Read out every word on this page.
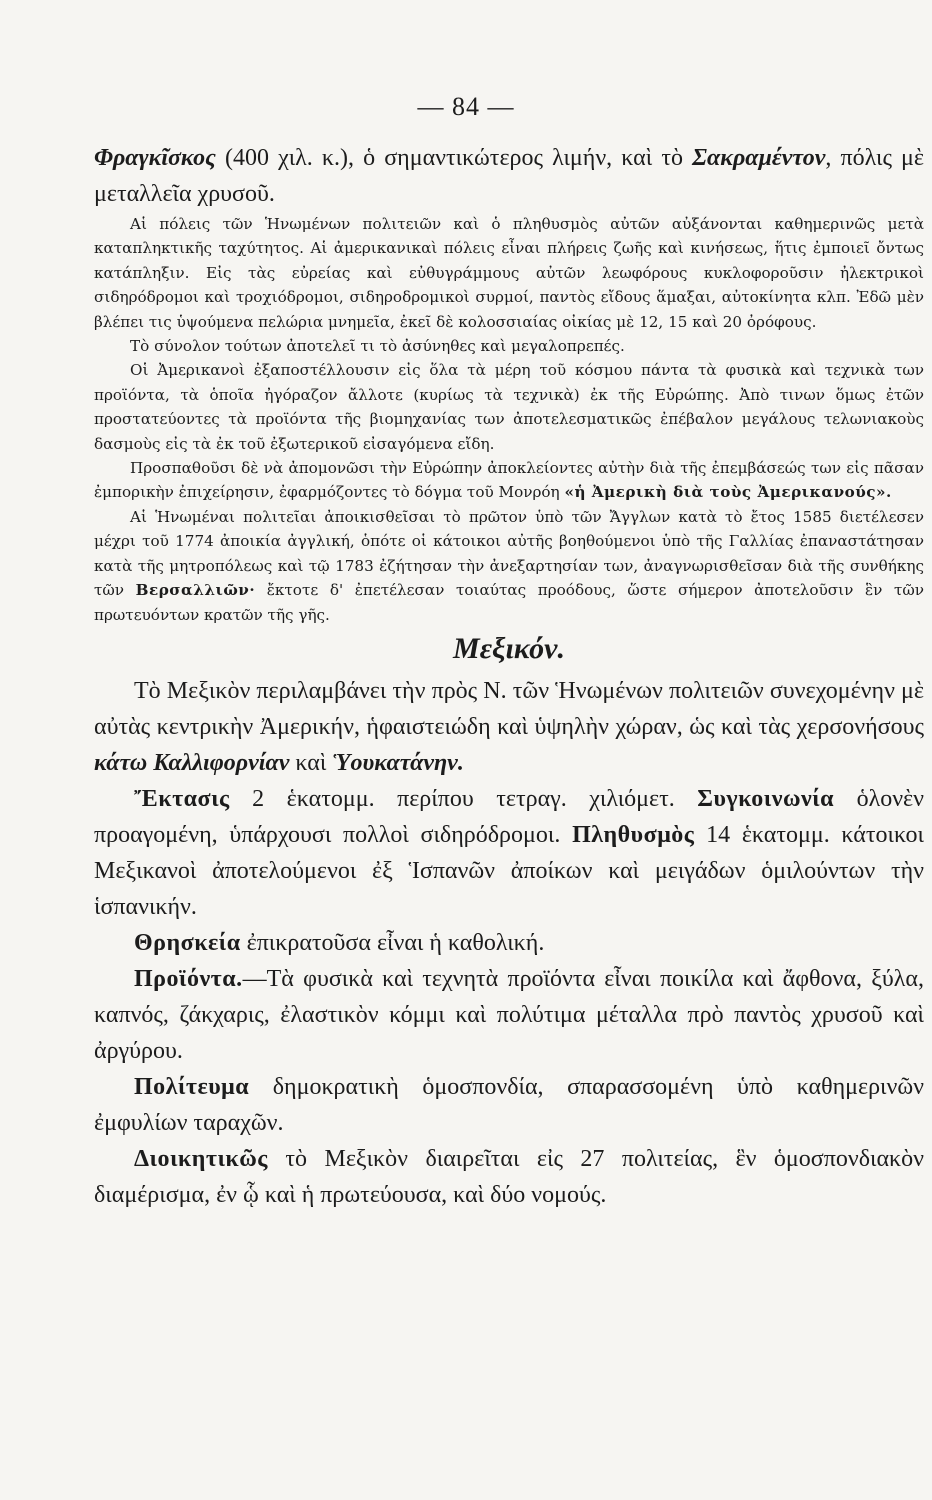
— 84 —

Φραγκῖσκος (400 χιλ. κ.), ὁ σημαντικώτερος λιμήν, καὶ τὸ Σακραμέντον, πόλις μὲ μεταλλεῖα χρυσοῦ.

Αἱ πόλεις τῶν Ἡνωμένων πολιτειῶν καὶ ὁ πληθυσμὸς αὐτῶν αὐξάνονται καθημερινῶς μετὰ καταπληκτικῆς ταχύτητος. Αἱ ἀμερικανικαὶ πόλεις εἶναι πλήρεις ζωῆς καὶ κινήσεως, ἥτις ἐμποιεῖ ὄντως κατάπληξιν. Εἰς τὰς εὐρείας καὶ εὐθυγράμμους αὐτῶν λεωφόρους κυκλοφοροῦσιν ἠλεκτρικοὶ σιδηρόδρομοι καὶ τροχιόδρομοι, σιδηροδρομικοὶ συρμοί, παντὸς εἴδους ἅμαξαι, αὐτοκίνητα κλπ. Ἐδῶ μὲν βλέπει τις ὑψούμενα πελώρια μνημεῖα, ἐκεῖ δὲ κολοσσιαίας οἰκίας μὲ 12, 15 καὶ 20 ὀρόφους.

Τὸ σύνολον τούτων ἀποτελεῖ τι τὸ ἀσύνηθες καὶ μεγαλοπρεπές.

Οἱ Ἀμερικανοὶ ἐξαποστέλλουσιν εἰς ὅλα τὰ μέρη τοῦ κόσμου πάντα τὰ φυσικὰ καὶ τεχνικὰ των προϊόντα, τὰ ὁποῖα ἠγόραζον ἄλλοτε (κυρίως τὰ τεχνικὰ) ἐκ τῆς Εὐρώπης. Ἀπὸ τινων ὅμως ἐτῶν προστατεύοντες τὰ προϊόντα τῆς βιομηχανίας των ἀποτελεσματικῶς ἐπέβαλον μεγάλους τελωνιακοὺς δασμοὺς εἰς τὰ ἐκ τοῦ ἐξωτερικοῦ εἰσαγόμενα εἴδη.

Προσπαθοῦσι δὲ νὰ ἀπομονῶσι τὴν Εὐρώπην ἀποκλείοντες αὐτὴν διὰ τῆς ἐπεμβάσεώς των εἰς πᾶσαν ἐμπορικὴν ἐπιχείρησιν, ἐφαρμόζοντες τὸ δόγμα τοῦ Μονρόη «ἡ Ἀμερικὴ διὰ τοὺς Ἀμερικανούς».

Αἱ Ἡνωμέναι πολιτεῖαι ἀποικισθεῖσαι τὸ πρῶτον ὑπὸ τῶν Ἄγγλων κατὰ τὸ ἔτος 1585 διετέλεσεν μέχρι τοῦ 1774 ἀποικία ἀγγλική, ὁπότε οἱ κάτοικοι αὐτῆς βοηθούμενοι ὑπὸ τῆς Γαλλίας ἐπαναστάτησαν κατὰ τῆς μητροπόλεως καὶ τῷ 1783 ἐζήτησαν τὴν ἀνεξαρτησίαν των, ἀναγνωρισθεῖσαν διὰ τῆς συνθήκης τῶν Βερσαλλιῶν· ἔκτοτε δ' ἐπετέλεσαν τοιαύτας προόδους, ὥστε σήμερον ἀποτελοῦσιν ἓν τῶν πρωτευόντων κρατῶν τῆς γῆς.

Μεξικόν.

Τὸ Μεξικὸν περιλαμβάνει τὴν πρὸς Ν. τῶν Ἡνωμένων πολιτειῶν συνεχομένην μὲ αὐτὰς κεντρικὴν Ἀμερικήν, ἡφαιστειώδη καὶ ὑψηλὴν χώραν, ὡς καὶ τὰς χερσονήσους κάτω Καλλιφορνίαν καὶ Ὑουκατάνην.

Ἔκτασις 2 ἑκατομμ. περίπου τετραγ. χιλιόμετ. Συγκοινωνία ὁλονὲν προαγομένη, ὑπάρχουσι πολλοὶ σιδηρόδρομοι. Πληθυσμὸς 14 ἑκατομμ. κάτοικοι Μεξικανοὶ ἀποτελούμενοι ἐξ Ἱσπανῶν ἀποίκων καὶ μειγάδων ὁμιλούντων τὴν ἱσπανικήν.

Θρησκεία ἐπικρατοῦσα εἶναι ἡ καθολική.

Προϊόντα.—Τὰ φυσικὰ καὶ τεχνητὰ προϊόντα εἶναι ποικίλα καὶ ἄφθονα, ξύλα, καπνός, ζάκχαρις, ἐλαστικὸν κόμμι καὶ πολύτιμα μέταλλα πρὸ παντὸς χρυσοῦ καὶ ἀργύρου.

Πολίτευμα δημοκρατικὴ ὁμοσπονδία, σπαρασσομένη ὑπὸ καθημερινῶν ἐμφυλίων ταραχῶν.

Διοικητικῶς τὸ Μεξικὸν διαιρεῖται εἰς 27 πολιτείας, ἓν ὁμοσπονδιακὸν διαμέρισμα, ἐν ᾧ καὶ ἡ πρωτεύουσα, καὶ δύο νομούς.
